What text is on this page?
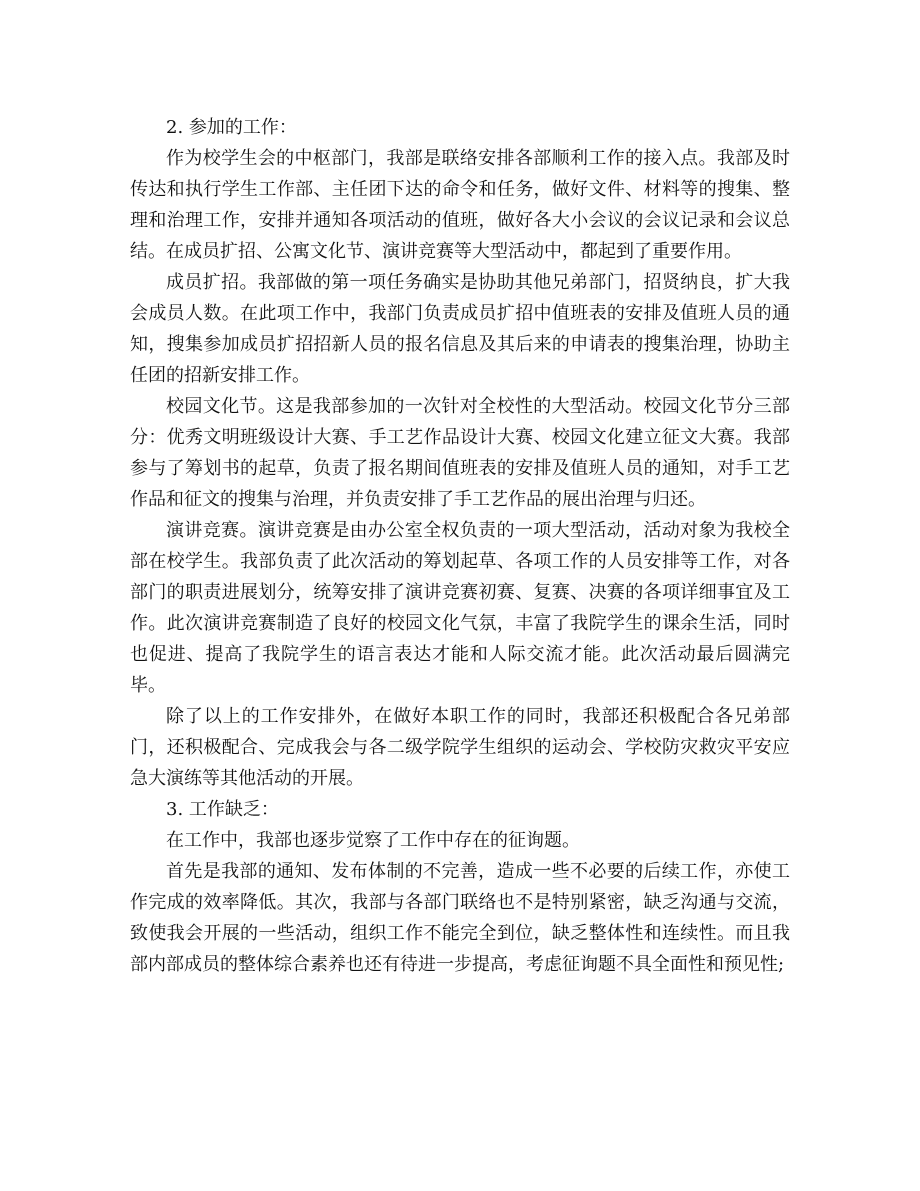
2. 参加的工作：

作为校学生会的中枢部门，我部是联络安排各部顺利工作的接入点。我部及时传达和执行学生工作部、主任团下达的命令和任务，做好文件、材料等的搜集、整理和治理工作，安排并通知各项活动的值班，做好各大小会议的会议记录和会议总结。在成员扩招、公寓文化节、演讲竞赛等大型活动中，都起到了重要作用。

成员扩招。我部做的第一项任务确实是协助其他兄弟部门，招贤纳良，扩大我会成员人数。在此项工作中，我部门负责成员扩招中值班表的安排及值班人员的通知，搜集参加成员扩招招新人员的报名信息及其后来的申请表的搜集治理，协助主任团的招新安排工作。

校园文化节。这是我部参加的一次针对全校性的大型活动。校园文化节分三部分：优秀文明班级设计大赛、手工艺作品设计大赛、校园文化建立征文大赛。我部参与了筹划书的起草，负责了报名期间值班表的安排及值班人员的通知，对手工艺作品和征文的搜集与治理，并负责安排了手工艺作品的展出治理与归还。

演讲竞赛。演讲竞赛是由办公室全权负责的一项大型活动，活动对象为我校全部在校学生。我部负责了此次活动的筹划起草、各项工作的人员安排等工作，对各部门的职责进展划分，统筹安排了演讲竞赛初赛、复赛、决赛的各项详细事宜及工作。此次演讲竞赛制造了良好的校园文化气氛，丰富了我院学生的课余生活，同时也促进、提高了我院学生的语言表达才能和人际交流才能。此次活动最后圆满完毕。

除了以上的工作安排外，在做好本职工作的同时，我部还积极配合各兄弟部门，还积极配合、完成我会与各二级学院学生组织的运动会、学校防灾救灾平安应急大演练等其他活动的开展。

3. 工作缺乏：

在工作中，我部也逐步觉察了工作中存在的征询题。

首先是我部的通知、发布体制的不完善，造成一些不必要的后续工作，亦使工作完成的效率降低。其次，我部与各部门联络也不是特别紧密，缺乏沟通与交流，致使我会开展的一些活动，组织工作不能完全到位，缺乏整体性和连续性。而且我部内部成员的整体综合素养也还有待进一步提高，考虑征询题不具全面性和预见性;
